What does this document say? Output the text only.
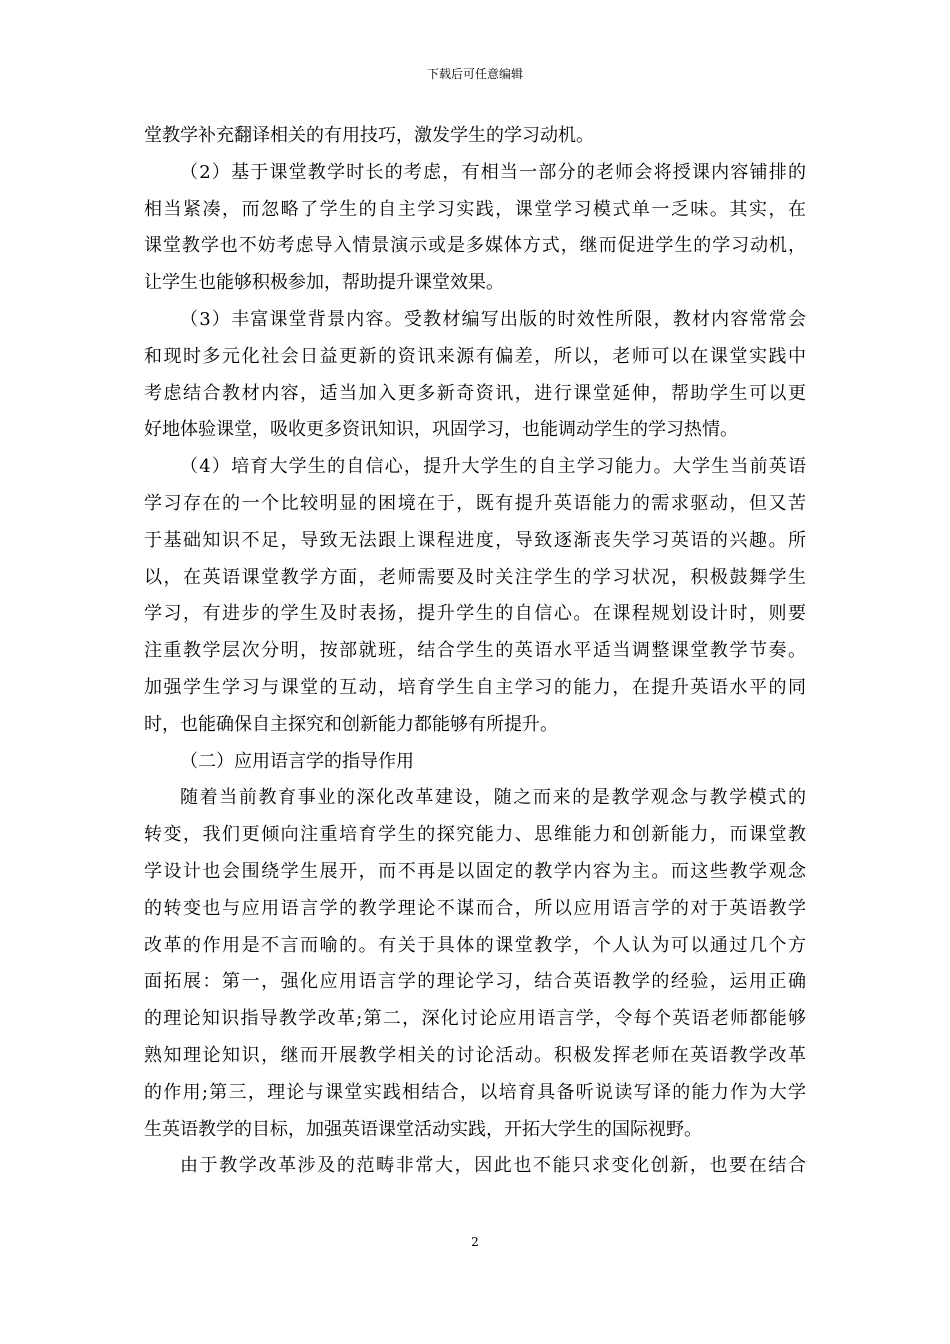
下载后可任意编辑
堂教学补充翻译相关的有用技巧，激发学生的学习动机。
（2）基于课堂教学时长的考虑，有相当一部分的老师会将授课内容铺排的
相当紧凑，而忽略了学生的自主学习实践，课堂学习模式单一乏味。其实，在
课堂教学也不妨考虑导入情景演示或是多媒体方式，继而促进学生的学习动机，
让学生也能够积极参加，帮助提升课堂效果。
（3）丰富课堂背景内容。受教材编写出版的时效性所限，教材内容常常会
和现时多元化社会日益更新的资讯来源有偏差，所以，老师可以在课堂实践中
考虑结合教材内容，适当加入更多新奇资讯，进行课堂延伸，帮助学生可以更
好地体验课堂，吸收更多资讯知识，巩固学习，也能调动学生的学习热情。
（4）培育大学生的自信心，提升大学生的自主学习能力。大学生当前英语
学习存在的一个比较明显的困境在于，既有提升英语能力的需求驱动，但又苦
于基础知识不足，导致无法跟上课程进度，导致逐渐丧失学习英语的兴趣。所
以，在英语课堂教学方面，老师需要及时关注学生的学习状况，积极鼓舞学生
学习，有进步的学生及时表扬，提升学生的自信心。在课程规划设计时，则要
注重教学层次分明，按部就班，结合学生的英语水平适当调整课堂教学节奏。
加强学生学习与课堂的互动，培育学生自主学习的能力，在提升英语水平的同
时，也能确保自主探究和创新能力都能够有所提升。
（二）应用语言学的指导作用
随着当前教育事业的深化改革建设，随之而来的是教学观念与教学模式的
转变，我们更倾向注重培育学生的探究能力、思维能力和创新能力，而课堂教
学设计也会围绕学生展开，而不再是以固定的教学内容为主。而这些教学观念
的转变也与应用语言学的教学理论不谋而合，所以应用语言学的对于英语教学
改革的作用是不言而喻的。有关于具体的课堂教学，个人认为可以通过几个方
面拓展：第一，强化应用语言学的理论学习，结合英语教学的经验，运用正确
的理论知识指导教学改革;第二，深化讨论应用语言学，令每个英语老师都能够
熟知理论知识，继而开展教学相关的讨论活动。积极发挥老师在英语教学改革
的作用;第三，理论与课堂实践相结合，以培育具备听说读写译的能力作为大学
生英语教学的目标，加强英语课堂活动实践，开拓大学生的国际视野。
由于教学改革涉及的范畴非常大，因此也不能只求变化创新，也要在结合
2
